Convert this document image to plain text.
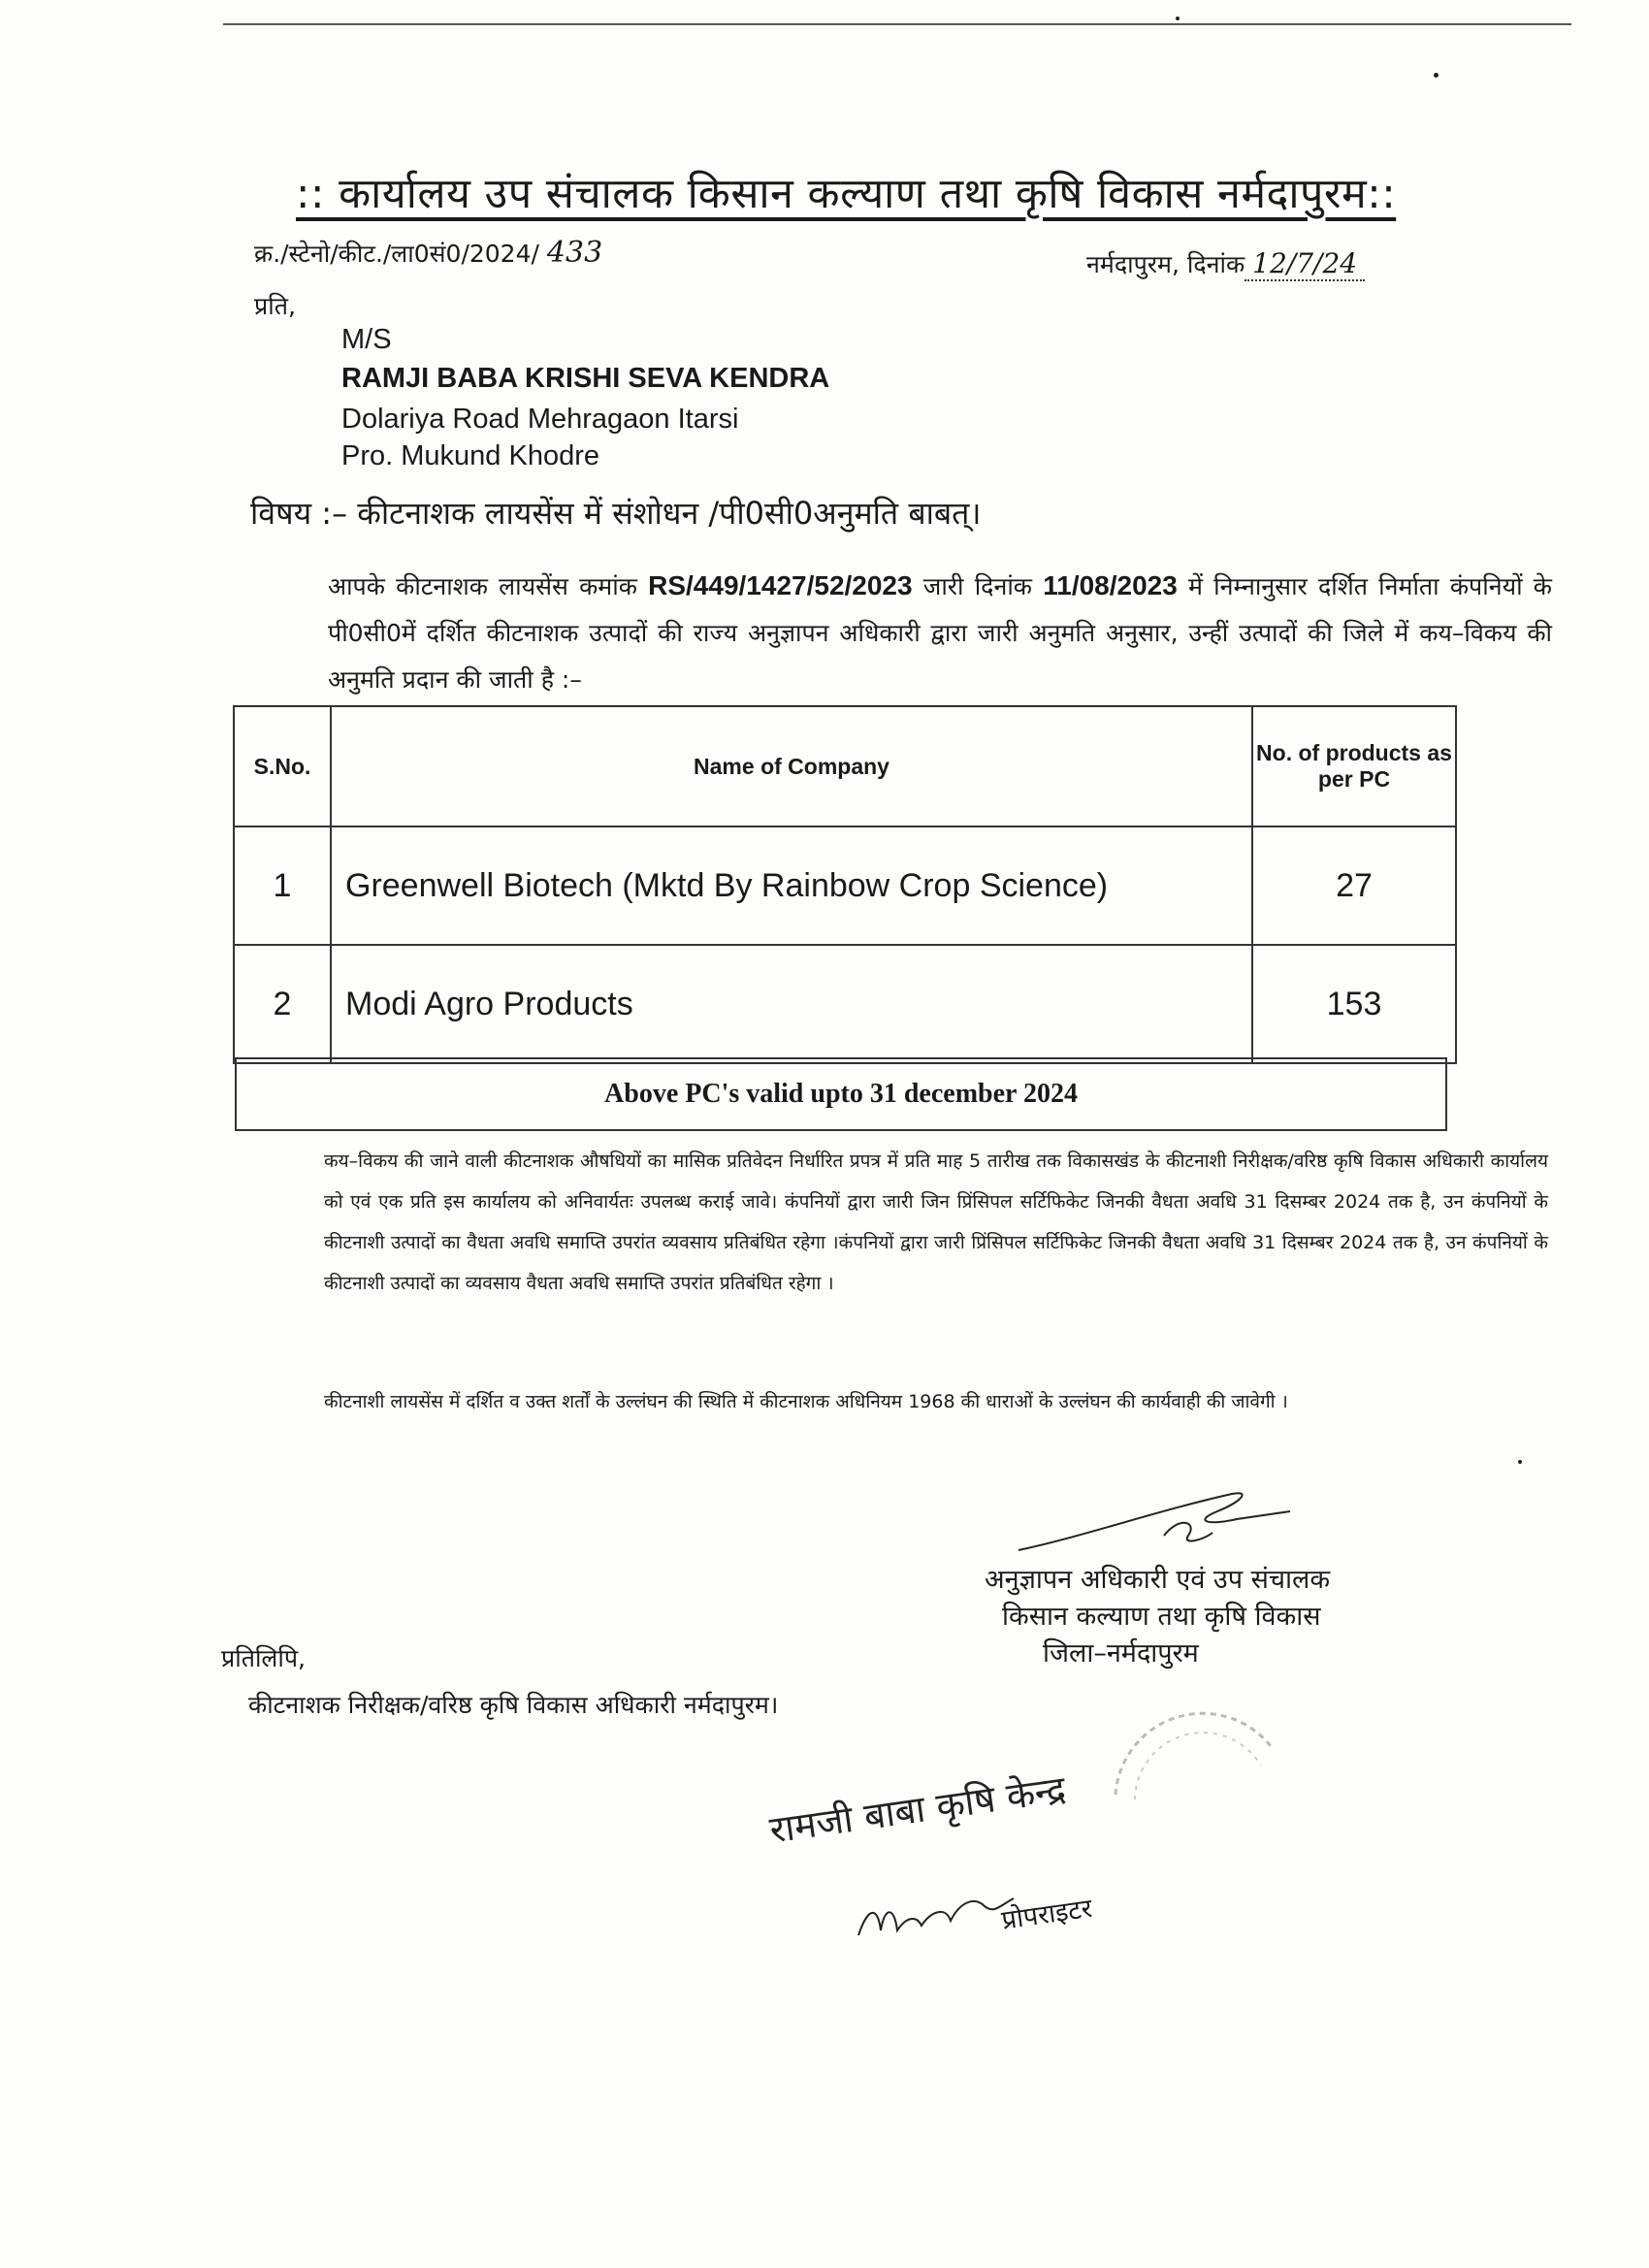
:: कार्यालय उप संचालक किसान कल्याण तथा कृषि विकास नर्मदापुरम::
क्र./स्टेनो/कीट./ला0सं0/2024/ 433	नर्मदापुरम, दिनांक 12/7/24
प्रति,
M/S
RAMJI BABA KRISHI SEVA KENDRA
Dolariya Road Mehragaon Itarsi
Pro. Mukund Khodre
विषय :– कीटनाशक लायसेंस में संशोधन /पी0सी0अनुमति बाबत्।
आपके कीटनाशक लायसेंस कमांक RS/449/1427/52/2023 जारी दिनांक 11/08/2023 में निम्नानुसार दर्शित निर्माता कंपनियों के पी0सी0में दर्शित कीटनाशक उत्पादों की राज्य अनुज्ञापन अधिकारी द्वारा जारी अनुमति अनुसार, उन्हीं उत्पादों की जिले में कय–विकय की अनुमति प्रदान की जाती है :–
S.No.	Name of Company	No. of products as per PC
1	Greenwell Biotech (Mktd By Rainbow Crop Science)	27
2	Modi Agro Products	153
Above PC's valid upto 31 december 2024
कय–विकय की जाने वाली कीटनाशक औषधियों का मासिक प्रतिवेदन निर्धारित प्रपत्र में प्रति माह 5 तारीख तक विकासखंड के कीटनाशी निरीक्षक/वरिष्ठ कृषि विकास अधिकारी कार्यालय को एवं एक प्रति इस कार्यालय को अनिवार्यतः उपलब्ध कराई जावे। कंपनियों द्वारा जारी जिन प्रिंसिपल सर्टिफिकेट जिनकी वैधता अवधि 31 दिसम्बर 2024 तक है, उन कंपनियों के कीटनाशी उत्पादों का वैधता अवधि समाप्ति उपरांत व्यवसाय प्रतिबंधित रहेगा ।कंपनियों द्वारा जारी प्रिंसिपल सर्टिफिकेट जिनकी वैधता अवधि 31 दिसम्बर 2024 तक है, उन कंपनियों के कीटनाशी उत्पादों का व्यवसाय वैधता अवधि समाप्ति उपरांत प्रतिबंधित रहेगा ।
कीटनाशी लायसेंस में दर्शित व उक्त शर्तों के उल्लंघन की स्थिति में कीटनाशक अधिनियम 1968 की धाराओं के उल्लंघन की कार्यवाही की जावेगी ।
अनुज्ञापन अधिकारी एवं उप संचालक
किसान कल्याण तथा कृषि विकास
जिला–नर्मदापुरम
प्रतिलिपि,
कीटनाशक निरीक्षक/वरिष्ठ कृषि विकास अधिकारी नर्मदापुरम।
रामजी बाबा कृषि केन्द्र
प्रोपराइटर
